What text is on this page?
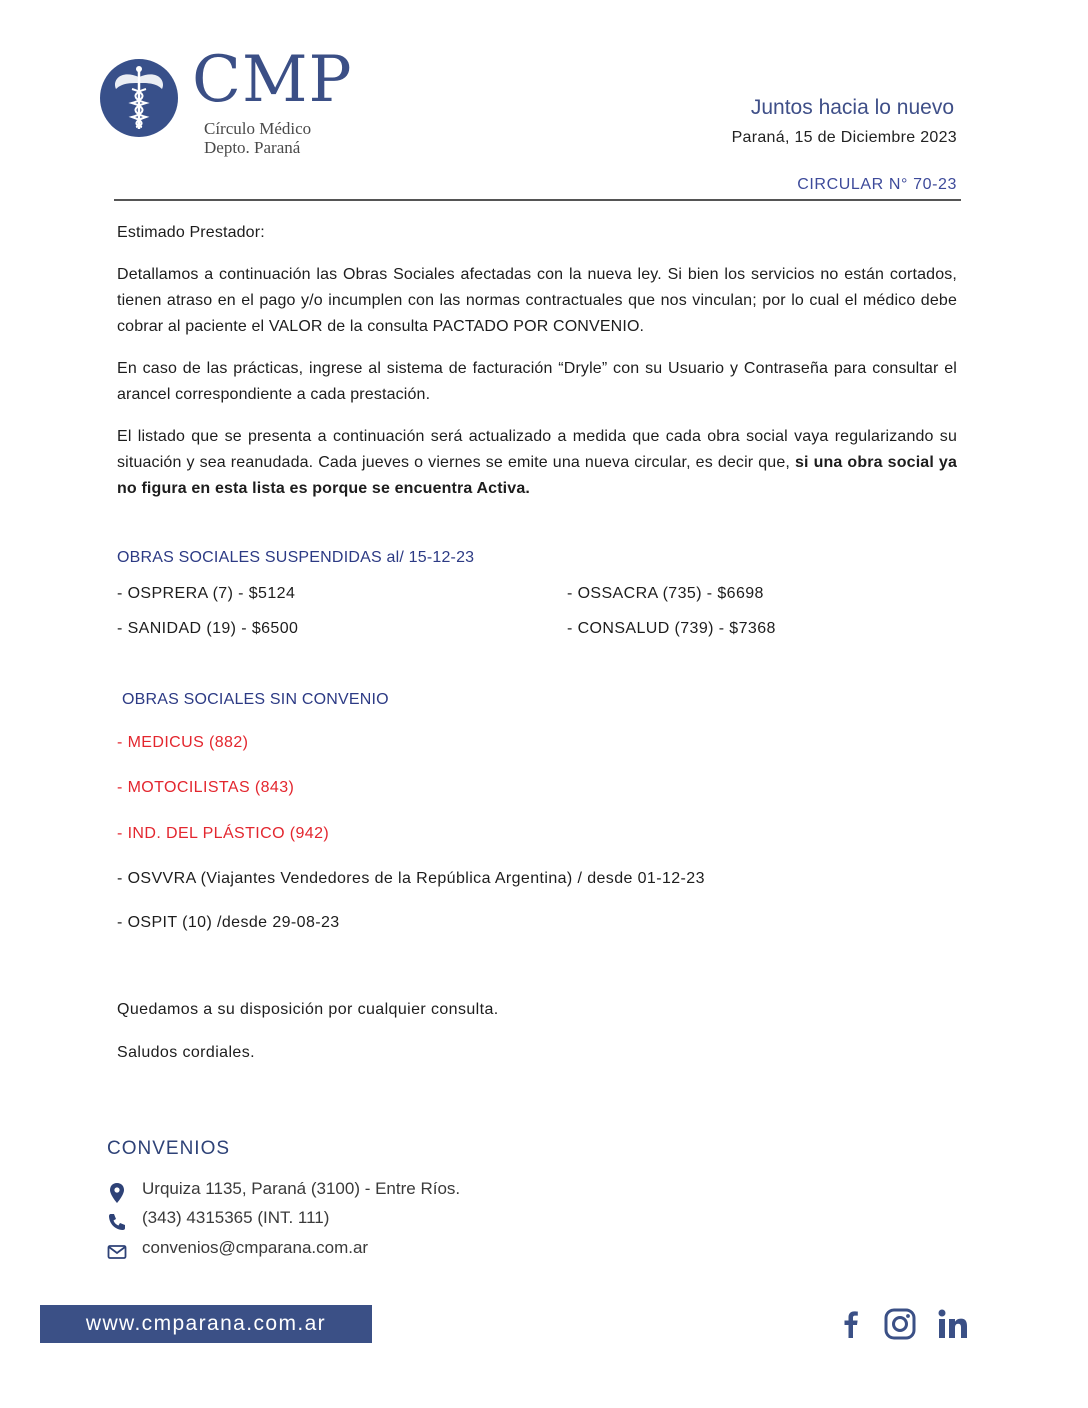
CMP
Círculo Médico
Depto. Paraná
Juntos hacia lo nuevo
Paraná, 15 de Diciembre 2023
CIRCULAR N° 70-23
Estimado Prestador:
Detallamos a continuación las Obras Sociales afectadas con la nueva ley. Si bien los servicios no están cortados, tienen atraso en el pago y/o incumplen con las normas contractuales que nos vinculan; por lo cual el médico debe cobrar al paciente el VALOR de la consulta PACTADO POR CONVENIO.
En caso de las prácticas, ingrese al sistema de facturación “Dryle” con su Usuario y Contraseña para consultar el arancel correspondiente a cada prestación.
El listado que se presenta a continuación será actualizado a medida que cada obra social vaya regularizando su situación y sea reanudada. Cada jueves o viernes se emite una nueva circular, es decir que, si una obra social ya no figura en esta lista es porque se encuentra Activa.
OBRAS SOCIALES SUSPENDIDAS al/ 15-12-23
- OSPRERA (7) - $5124	- OSSACRA (735) - $6698
- SANIDAD (19) - $6500	- CONSALUD (739) - $7368
OBRAS SOCIALES SIN CONVENIO
- MEDICUS (882)
- MOTOCILISTAS (843)
- IND. DEL PLÁSTICO (942)
- OSVVRA (Viajantes Vendedores de la República Argentina) / desde 01-12-23
- OSPIT (10) /desde 29-08-23
Quedamos a su disposición por cualquier consulta.
Saludos cordiales.
CONVENIOS
Urquiza 1135, Paraná (3100) - Entre Ríos.
(343) 4315365 (INT. 111)
convenios@cmparana.com.ar
www.cmparana.com.ar
